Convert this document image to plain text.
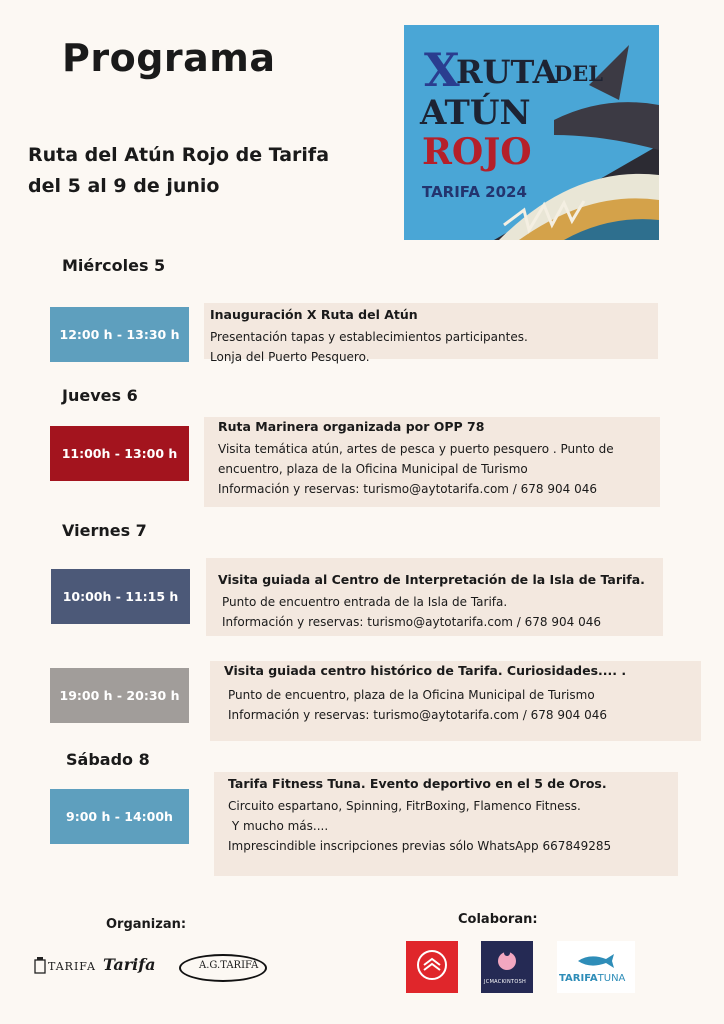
Programa
Ruta del Atún Rojo de Tarifa
del 5 al 9 de junio
X
RUTA
DEL
ATÚN
ROJO
TARIFA 2024
Miércoles 5
Jueves 6
Viernes 7
Sábado 8
12:00 h - 13:30 h
Inauguración X Ruta del Atún
Presentación tapas y establecimientos participantes.
Lonja del Puerto Pesquero.
11:00h - 13:00 h
Ruta Marinera organizada por OPP 78
Visita temática atún, artes de pesca y puerto pesquero . Punto de
encuentro, plaza de la Oficina Municipal de Turismo
Información y reservas: turismo@aytotarifa.com / 678 904 046
10:00h - 11:15 h
Visita guiada al Centro de Interpretación de la Isla de Tarifa.
Punto de encuentro entrada de la Isla de Tarifa.
Información y reservas: turismo@aytotarifa.com / 678 904 046
19:00 h - 20:30 h
Visita guiada centro histórico de Tarifa. Curiosidades.... .
Punto de encuentro, plaza de la Oficina Municipal de Turismo
Información y reservas: turismo@aytotarifa.com / 678 904 046
9:00 h - 14:00h
Tarifa Fitness Tuna. Evento deportivo en el 5 de Oros.
Circuito espartano, Spinning, FitrBoxing, Flamenco Fitness.
Y mucho más....
Imprescindible inscripciones previas sólo WhatsApp 667849285
Organizan:	Colaboran:
TARIFA Tarifa	A.G.TARIFA
JCMACKINTOSH	TARIFATUNA
